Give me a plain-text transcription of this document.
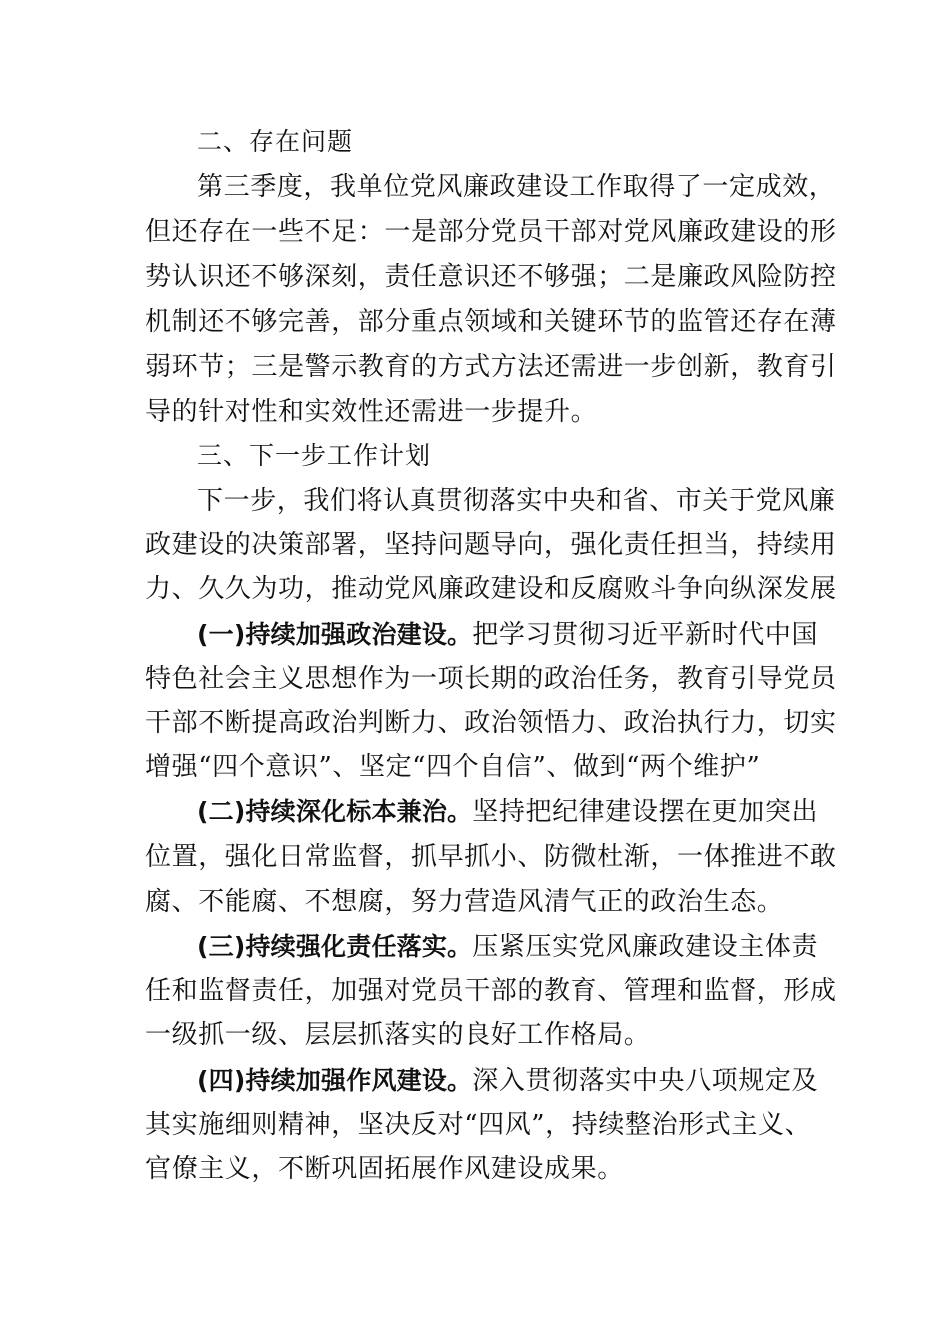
二、存在问题
第三季度，我单位党风廉政建设工作取得了一定成效，
但还存在一些不足：一是部分党员干部对党风廉政建设的形
势认识还不够深刻，责任意识还不够强；二是廉政风险防控
机制还不够完善，部分重点领域和关键环节的监管还存在薄
弱环节；三是警示教育的方式方法还需进一步创新，教育引
导的针对性和实效性还需进一步提升。
三、下一步工作计划
下一步，我们将认真贯彻落实中央和省、市关于党风廉
政建设的决策部署，坚持问题导向，强化责任担当，持续用
力、久久为功，推动党风廉政建设和反腐败斗争向纵深发展
(一)持续加强政治建设。把学习贯彻习近平新时代中国
特色社会主义思想作为一项长期的政治任务，教育引导党员
干部不断提高政治判断力、政治领悟力、政治执行力，切实
增强“四个意识”、坚定“四个自信”、做到“两个维护”
(二)持续深化标本兼治。坚持把纪律建设摆在更加突出
位置，强化日常监督，抓早抓小、防微杜渐，一体推进不敢
腐、不能腐、不想腐，努力营造风清气正的政治生态。
(三)持续强化责任落实。压紧压实党风廉政建设主体责
任和监督责任，加强对党员干部的教育、管理和监督，形成
一级抓一级、层层抓落实的良好工作格局。
(四)持续加强作风建设。深入贯彻落实中央八项规定及
其实施细则精神，坚决反对“四风”，持续整治形式主义、
官僚主义，不断巩固拓展作风建设成果。
